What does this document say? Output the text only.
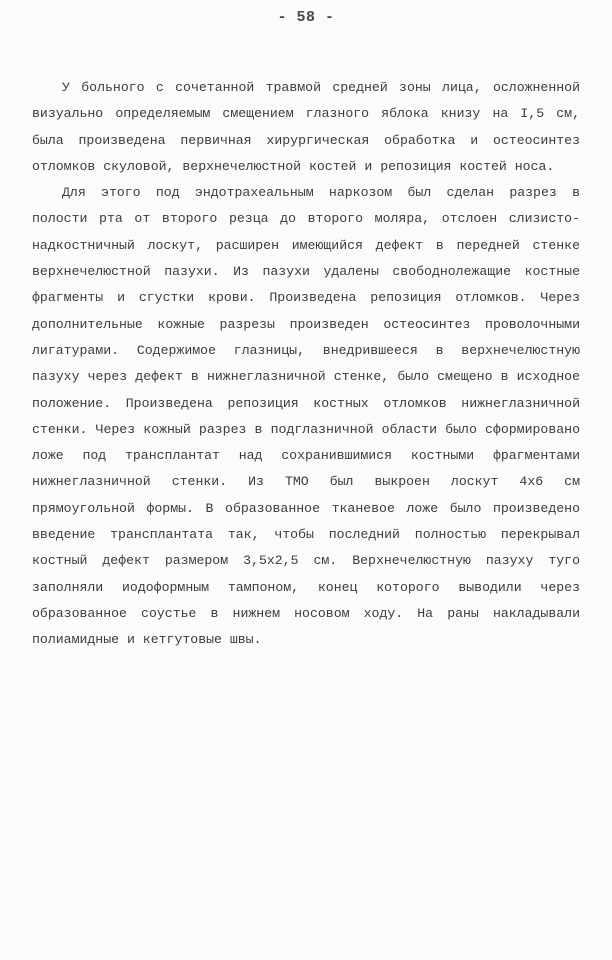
- 58 -

У больного с сочетанной травмой средней зоны лица, осложненной визуально определяемым смещением глазного яблока книзу на I,5 см, была произведена первичная хирургическая обработка и остеосинтез отломков скуловой, верхнечелюстной костей и репозиция костей носа.

Для этого под эндотрахеальным наркозом был сделан разрез в полости рта от второго резца до второго моляра, отслоен слизисто-надкостничный лоскут, расширен имеющийся дефект в передней стенке верхнечелюстной пазухи. Из пазухи удалены свободнолежащие костные фрагменты и сгустки крови. Произведена репозиция отломков. Через дополнительные кожные разрезы произведен остеосинтез проволочными лигатурами. Содержимое глазницы, внедрившееся в верхнечелюстную пазуху через дефект в нижнеглазничной стенке, было смещено в исходное положение. Произведена репозиция костных отломков нижнеглазничной стенки. Через кожный разрез в подглазничной области было сформировано ложе под трансплантат над сохранившимися костными фрагментами нижнеглазничной стенки. Из ТМО был выкроен лоскут 4х6 см прямоугольной формы. В образованное тканевое ложе было произведено введение трансплантата так, чтобы последний полностью перекрывал костный дефект размером 3,5х2,5 см. Верхнечелюстную пазуху туго заполняли иодоформным тампоном, конец которого выводили через образованное соустье в нижнем носовом ходу. На раны накладывали полиамидные и кетгутовые швы.
